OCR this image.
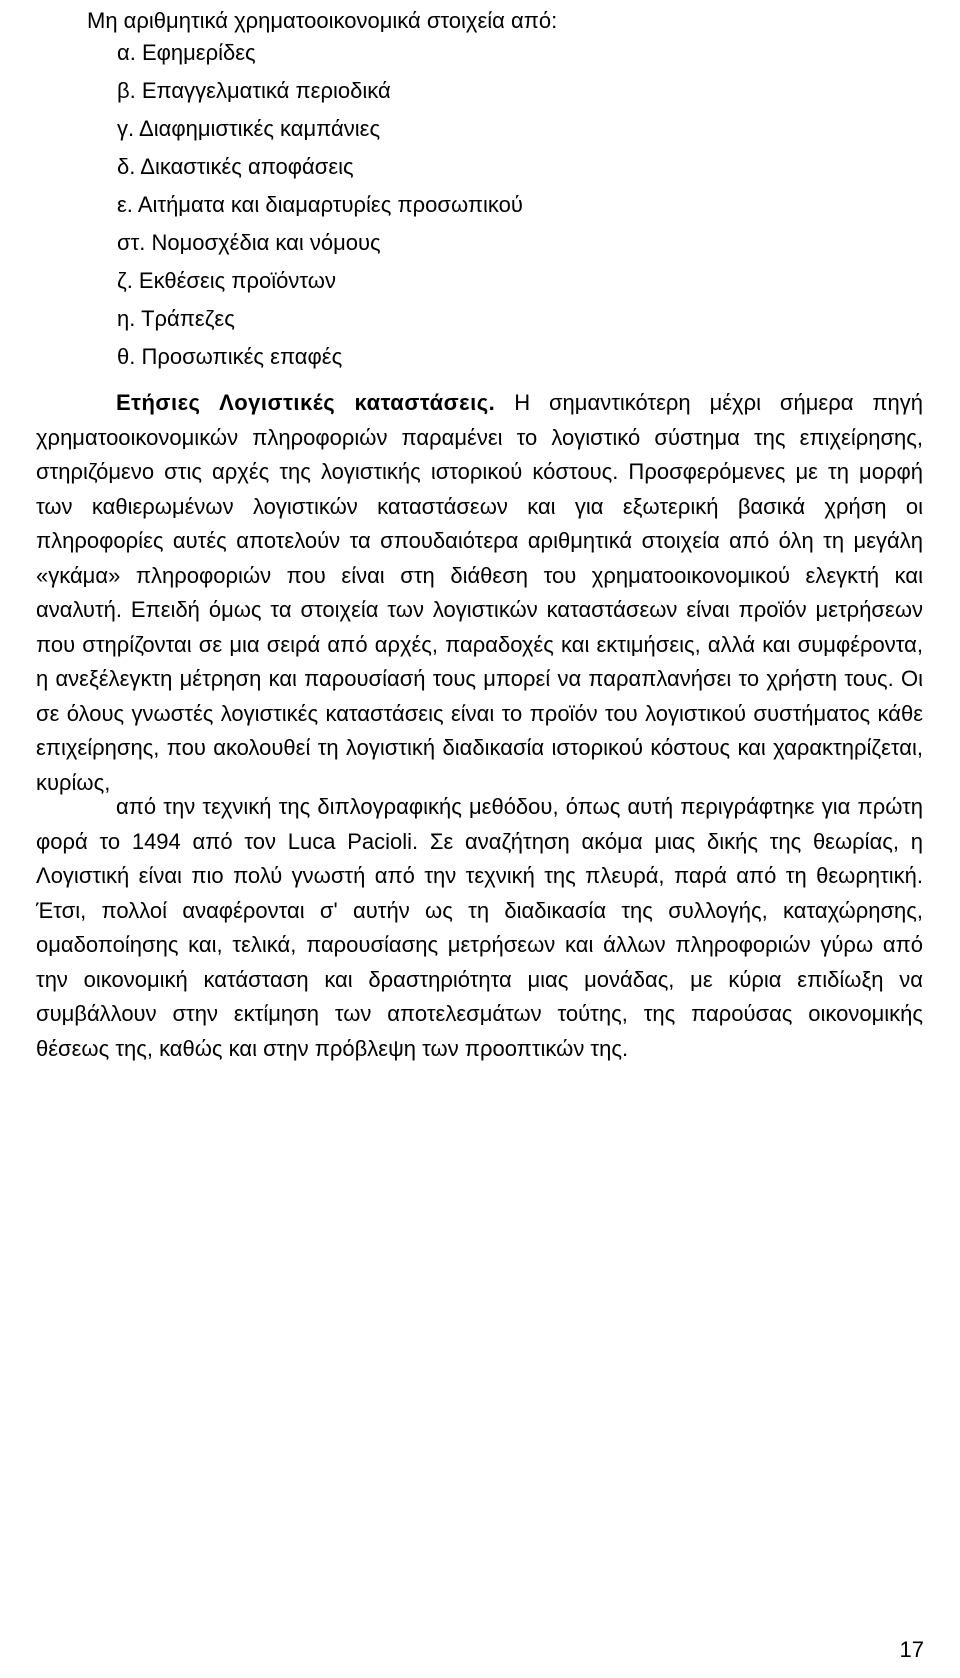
Μη αριθμητικά χρηματοοικονομικά στοιχεία από:
α. Εφημερίδες
β. Επαγγελματικά περιοδικά
γ. Διαφημιστικές καμπάνιες
δ. Δικαστικές αποφάσεις
ε. Αιτήματα και διαμαρτυρίες προσωπικού
στ. Νομοσχέδια και νόμους
ζ. Εκθέσεις προϊόντων
η. Τράπεζες
θ. Προσωπικές επαφές

Ετήσιες Λογιστικές καταστάσεις. Η σημαντικότερη μέχρι σήμερα πηγή χρηματοοικονομικών πληροφοριών παραμένει το λογιστικό σύστημα της επιχείρησης, στηριζόμενο στις αρχές της λογιστικής ιστορικού κόστους. Προσφερόμενες με τη μορφή των καθιερωμένων λογιστικών καταστάσεων και για εξωτερική βασικά χρήση οι πληροφορίες αυτές αποτελούν τα σπουδαιότερα αριθμητικά στοιχεία από όλη τη μεγάλη «γκάμα» πληροφοριών που είναι στη διάθεση του χρηματοοικονομικού ελεγκτή και αναλυτή. Επειδή όμως τα στοιχεία των λογιστικών καταστάσεων είναι προϊόν μετρήσεων που στηρίζονται σε μια σειρά από αρχές, παραδοχές και εκτιμήσεις, αλλά και συμφέροντα, η ανεξέλεγκτη μέτρηση και παρουσίασή τους μπορεί να παραπλανήσει το χρήστη τους. Οι σε όλους γνωστές λογιστικές καταστάσεις είναι το προϊόν του λογιστικού συστήματος κάθε επιχείρησης, που ακολουθεί τη λογιστική διαδικασία ιστορικού κόστους και χαρακτηρίζεται, κυρίως,

από την τεχνική της διπλογραφικής μεθόδου, όπως αυτή περιγράφτηκε για πρώτη φορά το 1494 από τον Luca Pacioli. Σε αναζήτηση ακόμα μιας δικής της θεωρίας, η Λογιστική είναι πιο πολύ γνωστή από την τεχνική της πλευρά, παρά από τη θεωρητική. Έτσι, πολλοί αναφέρονται σ' αυτήν ως τη διαδικασία της συλλογής, καταχώρησης, ομαδοποίησης και, τελικά, παρουσίασης μετρήσεων και άλλων πληροφοριών γύρω από την οικονομική κατάσταση και δραστηριότητα μιας μονάδας, με κύρια επιδίωξη να συμβάλλουν στην εκτίμηση των αποτελεσμάτων τούτης, της παρούσας οικονομικής θέσεως της, καθώς και στην πρόβλεψη των προοπτικών της.

17
